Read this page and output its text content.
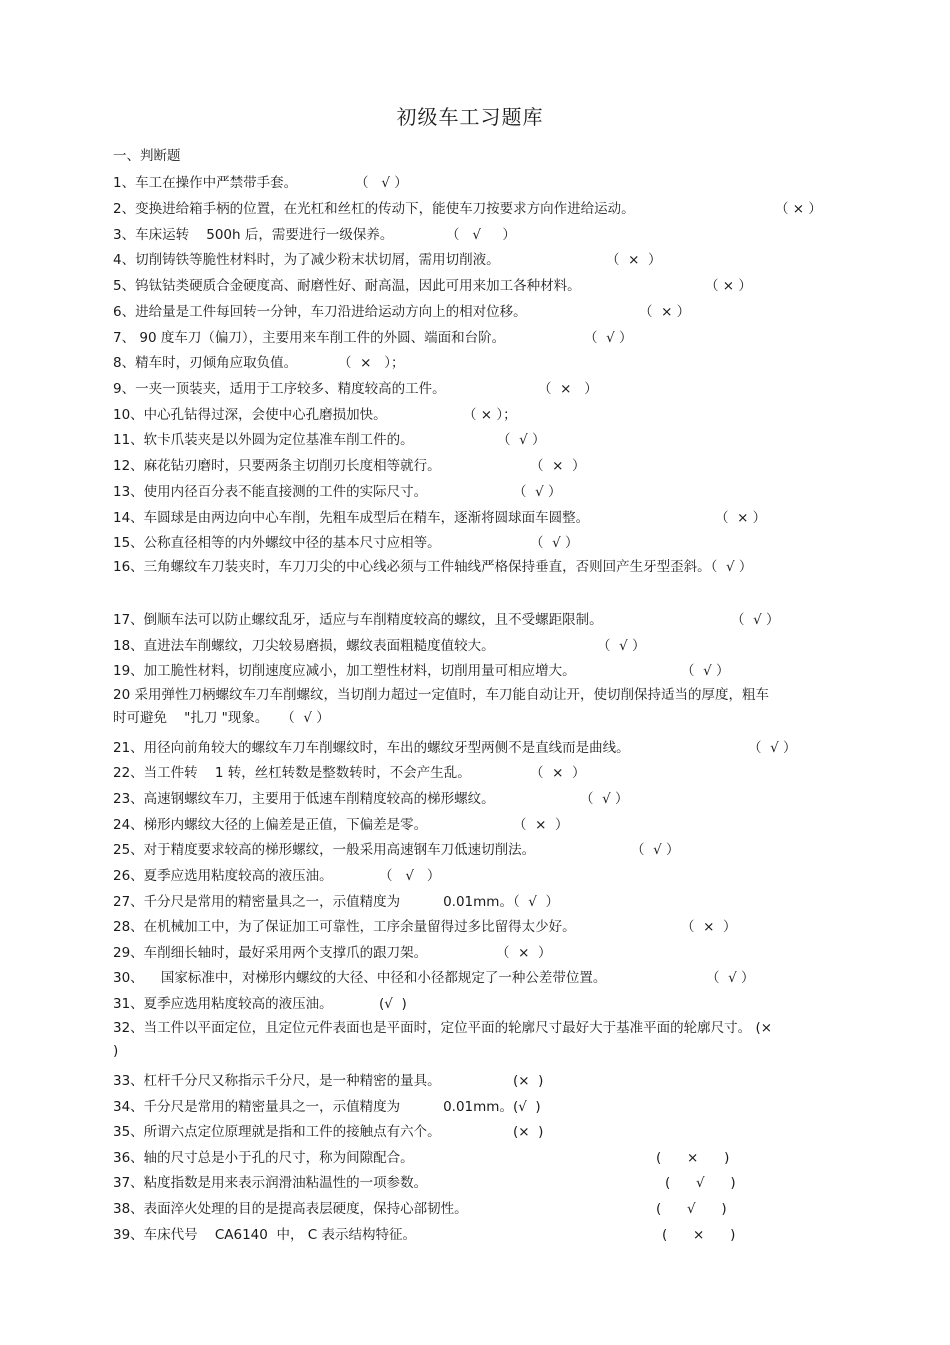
初级车工习题库
一、判断题
1、车工在操作中严禁带手套。	（   √ ）
2、变换进给箱手柄的位置，在光杠和丝杠的传动下，能使车刀按要求方向作进给运动。	（ × ）
3、车床运转    500h 后，需要进行一级保养。	（   √     ）
4、切削铸铁等脆性材料时，为了减少粉末状切屑，需用切削液。	（  ×  ）
5、钨钛钴类硬质合金硬度高、耐磨性好、耐高温，因此可用来加工各种材料。	（ × ）
6、进给量是工件每回转一分钟，车刀沿进给运动方向上的相对位移。	（  × ）
7、 90 度车刀（偏刀），主要用来车削工件的外圆、端面和台阶。	（  √ ）
8、精车时，刃倾角应取负值。	（  ×   ）；
9、一夹一顶装夹，适用于工序较多、精度较高的工件。	（  ×   ）
10、中心孔钻得过深，会使中心孔磨损加快。	（ × ）；
11、软卡爪装夹是以外圆为定位基准车削工件的。	（  √ ）
12、麻花钻刃磨时，只要两条主切削刃长度相等就行。	（  ×  ）
13、使用内径百分表不能直接测的工件的实际尺寸。	（  √ ）
14、车圆球是由两边向中心车削，先粗车成型后在精车，逐渐将圆球面车圆整。	（  × ）
15、公称直径相等的内外螺纹中径的基本尺寸应相等。	（  √ ）
16、三角螺纹车刀装夹时，车刀刀尖的中心线必须与工件轴线严格保持垂直，否则回产生牙型歪斜。（  √ ）
17、倒顺车法可以防止螺纹乱牙，适应与车削精度较高的螺纹，且不受螺距限制。	（  √ ）
18、直进法车削螺纹，刀尖较易磨损，螺纹表面粗糙度值较大。	（  √ ）
19、加工脆性材料，切削速度应减小，加工塑性材料，切削用量可相应增大。	（  √ ）
20 采用弹性刀柄螺纹车刀车削螺纹，当切削力超过一定值时，车刀能自动让开，使切削保持适当的厚度，粗车时可避免    "扎刀 "现象。   （  √ ）
21、用径向前角较大的螺纹车刀车削螺纹时，车出的螺纹牙型两侧不是直线而是曲线。	（  √ ）
22、当工件转    1 转，丝杠转数是整数转时，不会产生乱。	（  ×  ）
23、高速钢螺纹车刀，主要用于低速车削精度较高的梯形螺纹。	（  √ ）
24、梯形内螺纹大径的上偏差是正值，下偏差是零。	（  ×  ）
25、对于精度要求较高的梯形螺纹，一般采用高速钢车刀低速切削法。	（  √ ）
26、夏季应选用粘度较高的液压油。	（   √   ）
27、千分尺是常用的精密量具之一，示值精度为          0.01mm。（  √  ）
28、在机械加工中，为了保证加工可靠性，工序余量留得过多比留得太少好。	（  ×  ）
29、车削细长轴时，最好采用两个支撑爪的跟刀架。	（  ×  ）
30、    国家标准中，对梯形内螺纹的大径、中径和小径都规定了一种公差带位置。	（  √ ）
31、夏季应选用粘度较高的液压油。	(√  )
32、当工件以平面定位，且定位元件表面也是平面时，定位平面的轮廓尺寸最好大于基准平面的轮廓尺寸。 (×  )
33、杠杆千分尺又称指示千分尺，是一种精密的量具。	(×  )
34、千分尺是常用的精密量具之一，示值精度为          0.01mm。(√  )
35、所谓六点定位原理就是指和工件的接触点有六个。	(×  )
36、轴的尺寸总是小于孔的尺寸，称为间隙配合。	(      ×      )
37、粘度指数是用来表示润滑油粘温性的一项参数。	(      √      )
38、表面淬火处理的目的是提高表层硬度，保持心部韧性。	(      √      )
39、车床代号    CA6140  中， C 表示结构特征。	(      ×      )
